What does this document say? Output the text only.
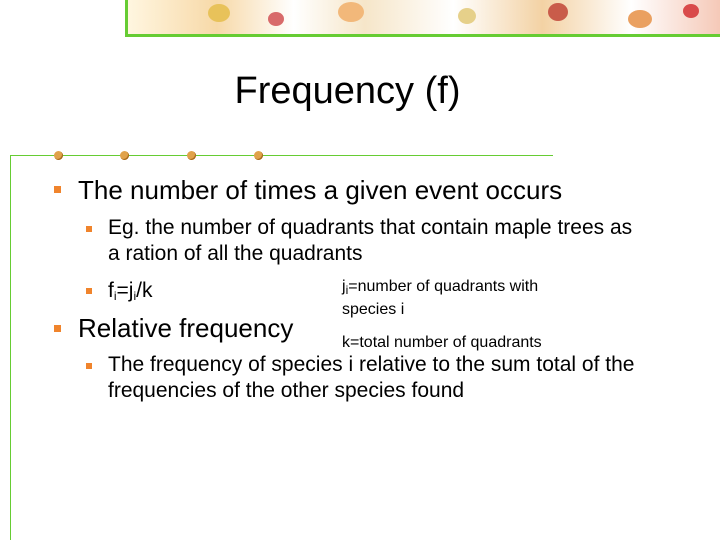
Frequency (f)
The number of times a given event occurs
Eg. the number of quadrants that contain maple trees as a ration of all the quadrants
$f_i=j_i/k$	$j_i=number$ of quadrants with
species i
Relative frequency	k=total number of quadrants
The frequency of species i relative to the sum total of the frequencies of the other species found
